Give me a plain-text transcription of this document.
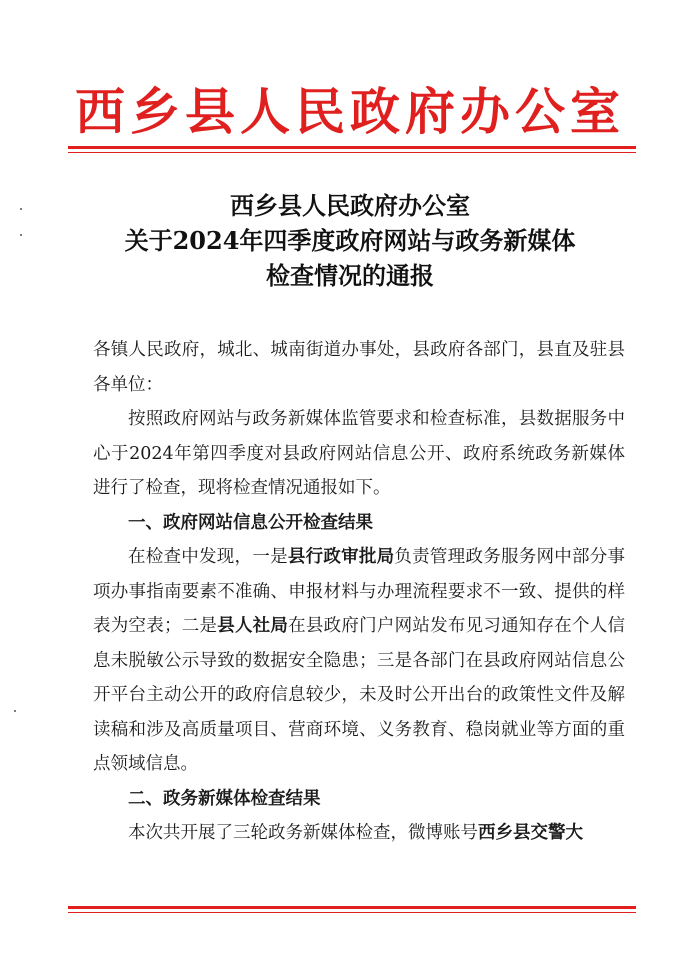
西乡县人民政府办公室
西乡县人民政府办公室
关于2024年四季度政府网站与政务新媒体
检查情况的通报

各镇人民政府，城北、城南街道办事处，县政府各部门，县直及驻县各单位：

按照政府网站与政务新媒体监管要求和检查标准，县数据服务中心于2024年第四季度对县政府网站信息公开、政府系统政务新媒体进行了检查，现将检查情况通报如下。

一、政府网站信息公开检查结果

在检查中发现，一是县行政审批局负责管理政务服务网中部分事项办事指南要素不准确、申报材料与办理流程要求不一致、提供的样表为空表；二是县人社局在县政府门户网站发布见习通知存在个人信息未脱敏公示导致的数据安全隐患；三是各部门在县政府网站信息公开平台主动公开的政府信息较少，未及时公开出台的政策性文件及解读稿和涉及高质量项目、营商环境、义务教育、稳岗就业等方面的重点领域信息。

二、政务新媒体检查结果

本次共开展了三轮政务新媒体检查，微博账号西乡县交警大
